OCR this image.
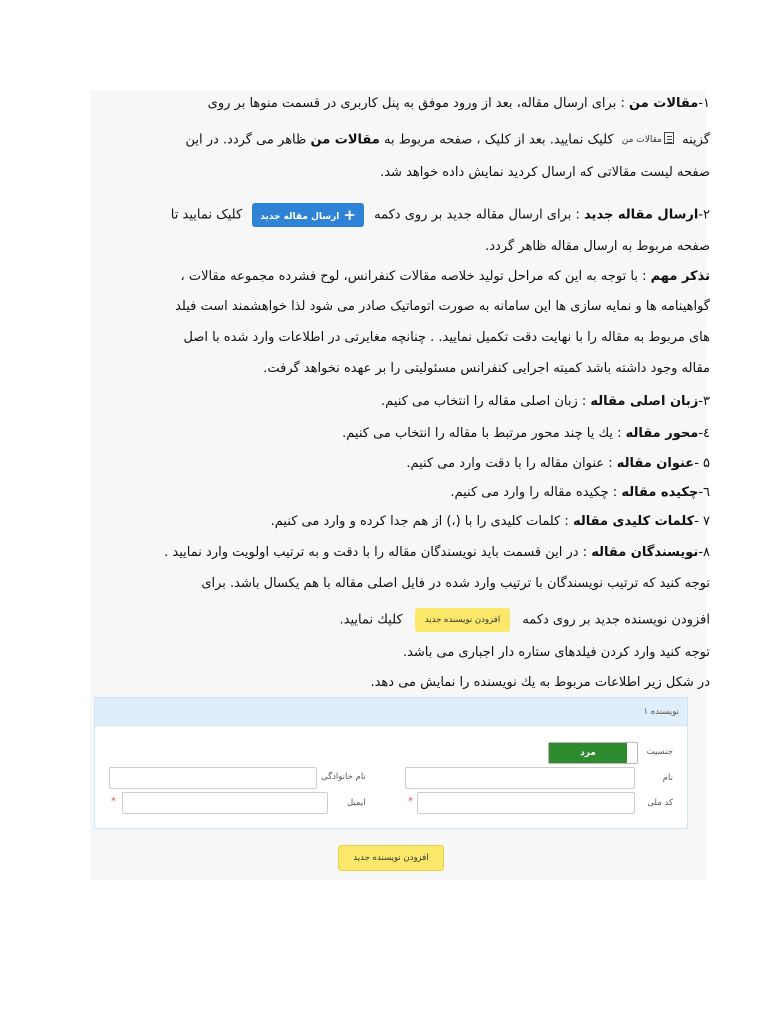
۱-مقالات من : برای ارسال مقاله، بعد از ورود موفق به پنل کاربری در قسمت منوها بر روی
گزینه مقالات من کلیک نمایید. بعد از کلیک ، صفحه مربوط به مقالات من ظاهر می گردد. در این
صفحه لیست مقالاتی که ارسال کردید نمایش داده خواهد شد.
۲-ارسال مقاله جدید : برای ارسال مقاله جدید بر روی دکمه +ارسال مقاله جدید کلیک نمایید تا
صفحه مربوط به ارسال مقاله ظاهر گردد.
تذکر مهم : با توجه به این که مراحل تولید خلاصه مقالات کنفرانس، لوح فشرده مجموعه مقالات ،
گواهینامه ها و نمایه سازی ها این سامانه به صورت اتوماتیک صادر می شود لذا خواهشمند است فیلد
های مربوط به مقاله را با نهایت دقت تکمیل نمایید. . چنانچه مغایرتی در اطلاعات وارد شده با اصل
مقاله وجود داشته باشد کمیته اجرایی کنفرانس مسئولیتی را بر عهده نخواهد گرفت.
۳-زبان اصلی مقاله : زبان اصلی مقاله را انتخاب می کنیم.
٤-محور مقاله : یك یا چند محور مرتبط با مقاله را انتخاب می کنیم.
۵ -عنوان مقاله : عنوان مقاله را با دقت وارد می کنیم.
٦-چکیده مقاله : چکیده مقاله را وارد می کنیم.
۷ -کلمات کلیدی مقاله : کلمات کلیدی را با (،) از هم جدا کرده و وارد می کنیم.
۸-نویسندگان مقاله : در این قسمت باید نویسندگان مقاله را با دقت و به ترتیب اولویت وارد نمایید .
توجه کنید که ترتیب نویسندگان با ترتیب وارد شده در فایل اصلی مقاله با هم یکسال باشد. برای
افزودن نویسنده جدید بر روی دکمه افزودن نویسنده جدید کلیك نمایید.
توجه کنید وارد کردن فیلدهای ستاره دار اجباری می باشد.
در شکل زیر اطلاعات مربوط به یك نویسنده را نمایش می دهد.
نویسنده ۱
جنسیت
مرد
نام
نام خانوادگی
کد ملی
*
ایمیل
*
افزودن نویسنده جدید
